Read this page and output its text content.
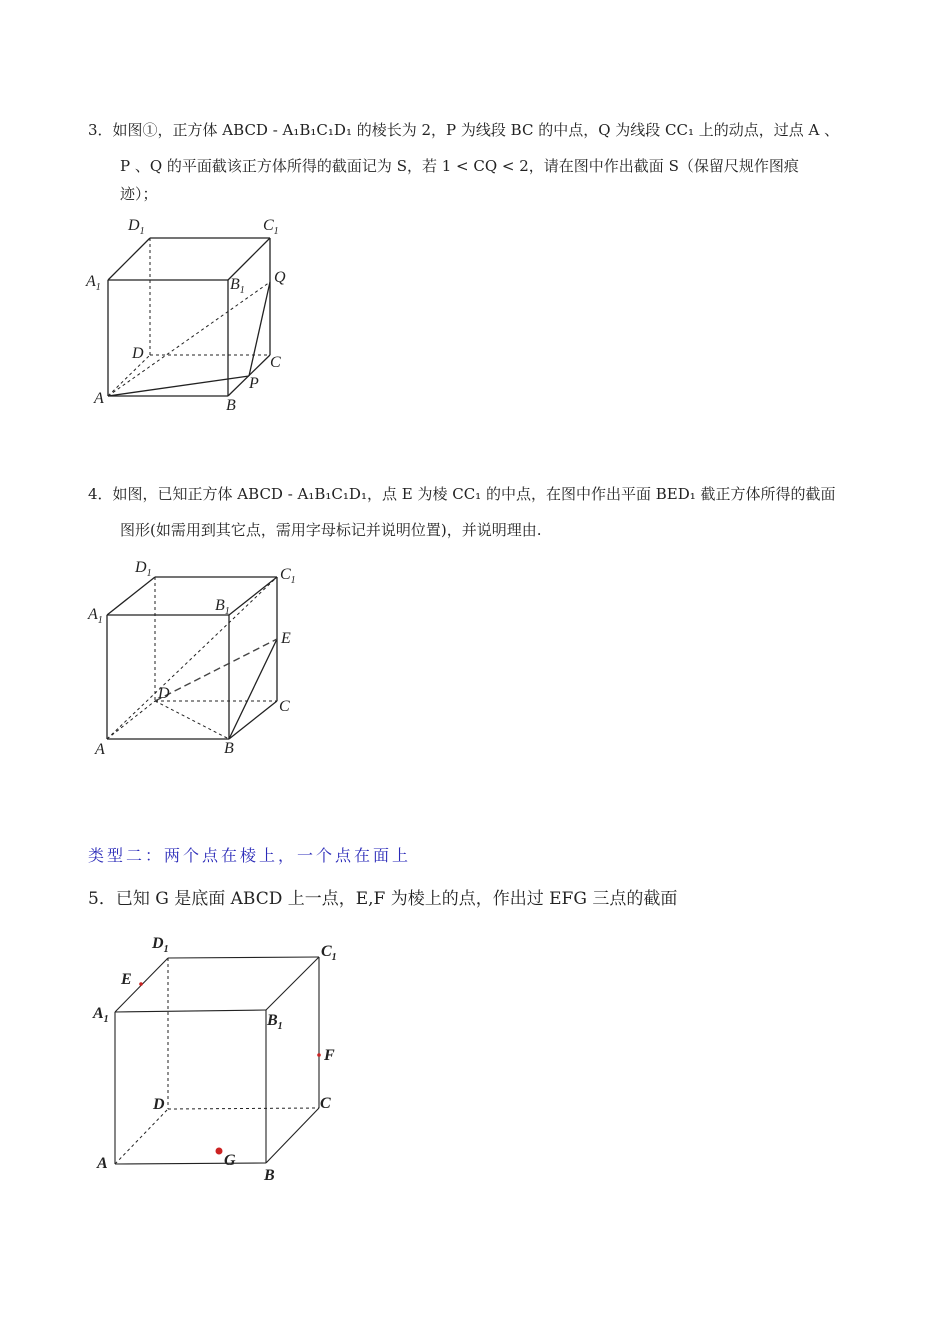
3．如图①，正方体 ABCD - A₁B₁C₁D₁ 的棱长为 2，P 为线段 BC 的中点，Q 为线段 CC₁ 上的动点，过点 A 、
P 、Q 的平面截该正方体所得的截面记为 S，若 1 < CQ < 2，请在图中作出截面 S（保留尺规作图痕
迹）；
$D_1$	$C_1$
$A_1$	$B_1$
Q
D
C
P
A	B
4．如图，已知正方体 ABCD - A₁B₁C₁D₁，点 E 为棱 CC₁ 的中点，在图中作出平面 BED₁ 截正方体所得的截面
图形(如需用到其它点，需用字母标记并说明位置)，并说明理由.
$D_1$	$C_1$
$A_1$
$B_1$
E
D
C
A	B
类型二：两个点在棱上，一个点在面上
5．已知 G 是底面 ABCD 上一点，E,F 为棱上的点，作出过 EFG 三点的截面
$D_1$	$C_1$
E
$A_1$	$B_1$
F
D	C
A	G
B
